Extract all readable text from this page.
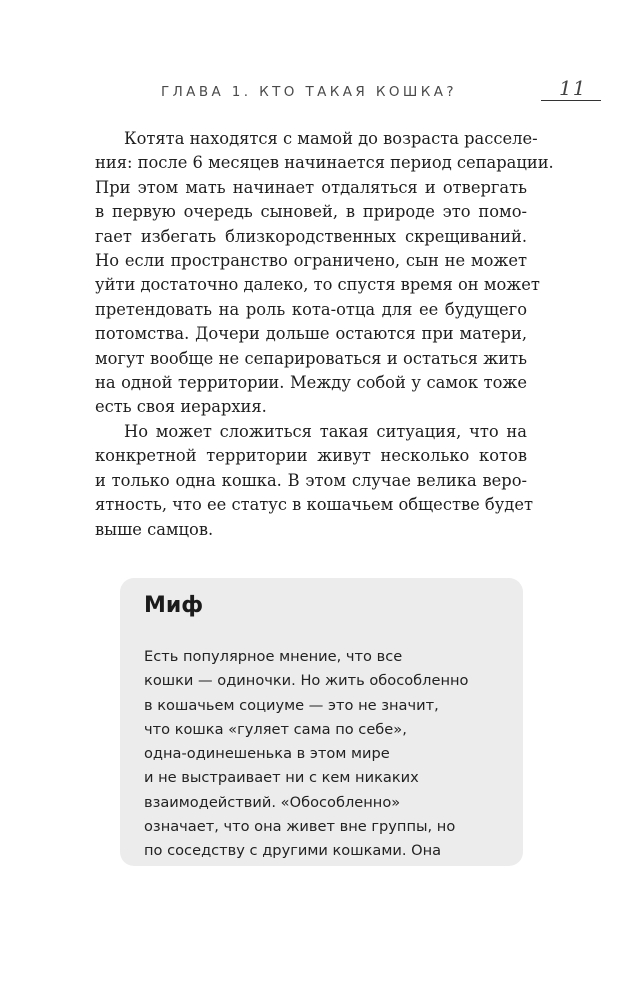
ГЛАВА 1. КТО ТАКАЯ КОШКА?	11
Котята находятся с мамой до возраста расселе-
ния: после 6 месяцев начинается период сепарации.
При этом мать начинает отдаляться и отвергать
в первую очередь сыновей, в природе это помо-
гает избегать близкородственных скрещиваний.
Но если пространство ограничено, сын не может
уйти достаточно далеко, то спустя время он может
претендовать на роль кота-отца для ее будущего
потомства. Дочери дольше остаются при матери,
могут вообще не сепарироваться и остаться жить
на одной территории. Между собой у самок тоже
есть своя иерархия.
Но может сложиться такая ситуация, что на
конкретной территории живут несколько котов
и только одна кошка. В этом случае велика веро-
ятность, что ее статус в кошачьем обществе будет
выше самцов.
Миф
Есть популярное мнение, что все
кошки — одиночки. Но жить обособленно
в кошачьем социуме — это не значит,
что кошка «гуляет сама по себе»,
одна-одинешенька в этом мире
и не выстраивает ни с кем никаких
взаимодействий. «Обособленно»
означает, что она живет вне группы, но
по соседству с другими кошками. Она
